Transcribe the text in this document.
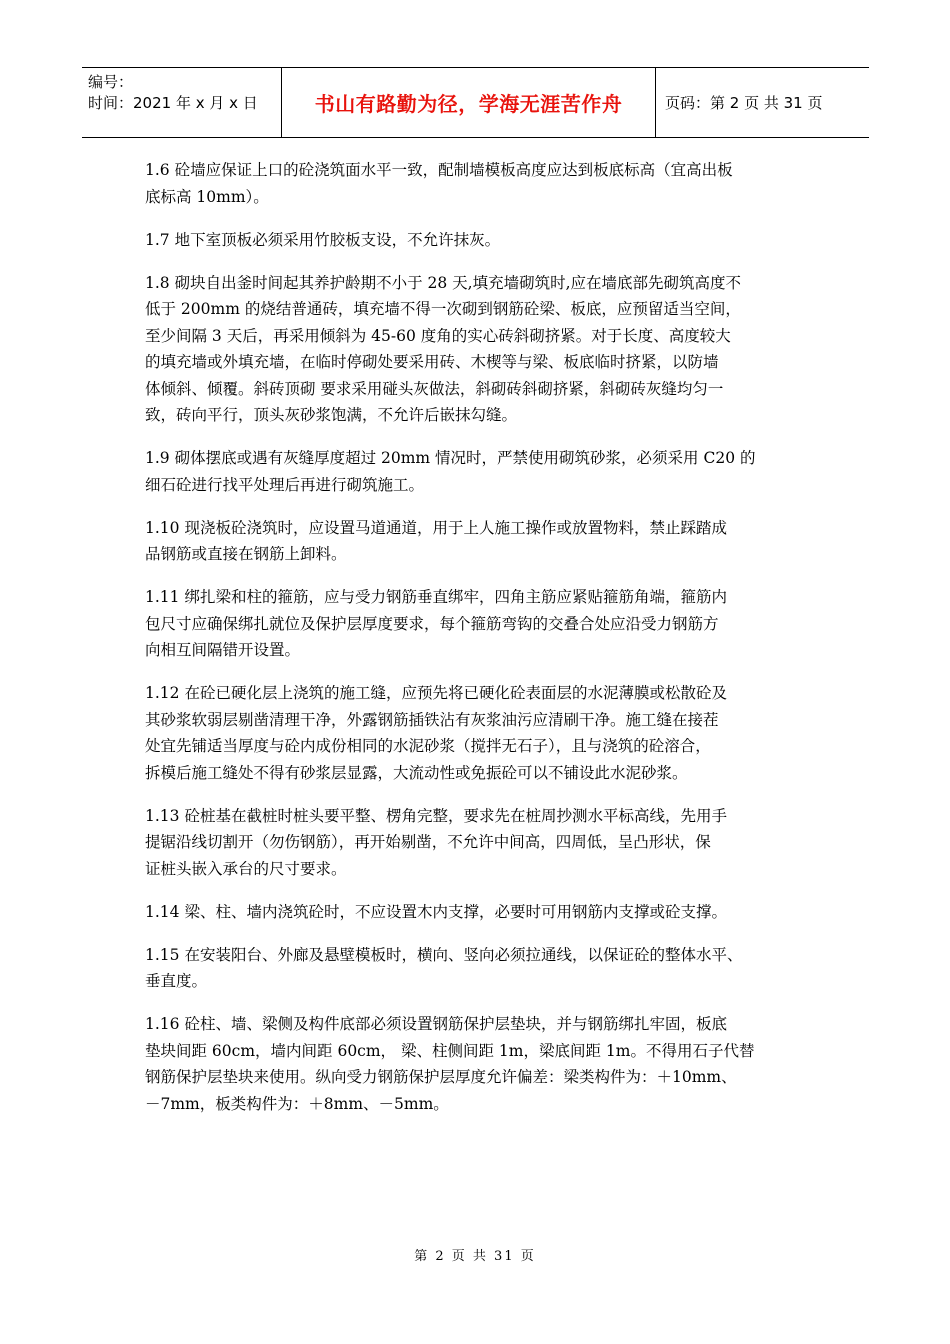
编号：
时间：2021 年 x 月 x 日	书山有路勤为径，学海无涯苦作舟	页码：第 2 页 共 31 页

1.6 砼墙应保证上口的砼浇筑面水平一致，配制墙模板高度应达到板底标高（宜高出板
底标高 10mm）。

1.7 地下室顶板必须采用竹胶板支设，不允许抹灰。

1.8 砌块自出釜时间起其养护龄期不小于 28 天,填充墙砌筑时,应在墙底部先砌筑高度不
低于 200mm 的烧结普通砖，填充墙不得一次砌到钢筋砼梁、板底，应预留适当空间，
至少间隔 3 天后，再采用倾斜为 45-60 度角的实心砖斜砌挤紧。对于长度、高度较大
的填充墙或外填充墙，在临时停砌处要采用砖、木楔等与梁、板底临时挤紧，以防墙
体倾斜、倾覆。斜砖顶砌 要求采用碰头灰做法，斜砌砖斜砌挤紧，斜砌砖灰缝均匀一
致，砖向平行，顶头灰砂浆饱满，不允许后嵌抹勾缝。

1.9 砌体摆底或遇有灰缝厚度超过 20mm 情况时，严禁使用砌筑砂浆，必须采用 C20 的
细石砼进行找平处理后再进行砌筑施工。

1.10 现浇板砼浇筑时，应设置马道通道，用于上人施工操作或放置物料，禁止踩踏成
品钢筋或直接在钢筋上卸料。

1.11 绑扎梁和柱的箍筋，应与受力钢筋垂直绑牢，四角主筋应紧贴箍筋角端，箍筋内
包尺寸应确保绑扎就位及保护层厚度要求，每个箍筋弯钩的交叠合处应沿受力钢筋方
向相互间隔错开设置。

1.12 在砼已硬化层上浇筑的施工缝，应预先将已硬化砼表面层的水泥薄膜或松散砼及
其砂浆软弱层剔凿清理干净，外露钢筋插铁沾有灰浆油污应清刷干净。施工缝在接茬
处宜先铺适当厚度与砼内成份相同的水泥砂浆（搅拌无石子），且与浇筑的砼溶合，
拆模后施工缝处不得有砂浆层显露，大流动性或免振砼可以不铺设此水泥砂浆。

1.13 砼桩基在截桩时桩头要平整、楞角完整，要求先在桩周抄测水平标高线，先用手
提锯沿线切割开（勿伤钢筋），再开始剔凿，不允许中间高，四周低，呈凸形状，保
证桩头嵌入承台的尺寸要求。

1.14 梁、柱、墙内浇筑砼时，不应设置木内支撑，必要时可用钢筋内支撑或砼支撑。

1.15 在安装阳台、外廊及悬壁模板时，横向、竖向必须拉通线，以保证砼的整体水平、
垂直度。

1.16 砼柱、墙、梁侧及构件底部必须设置钢筋保护层垫块，并与钢筋绑扎牢固，板底
垫块间距 60cm，墙内间距 60cm， 梁、柱侧间距 1m，梁底间距 1m。不得用石子代替
钢筋保护层垫块来使用。纵向受力钢筋保护层厚度允许偏差：梁类构件为：＋10mm、
－7mm，板类构件为：＋8mm、－5mm。

第 2 页 共 31 页
